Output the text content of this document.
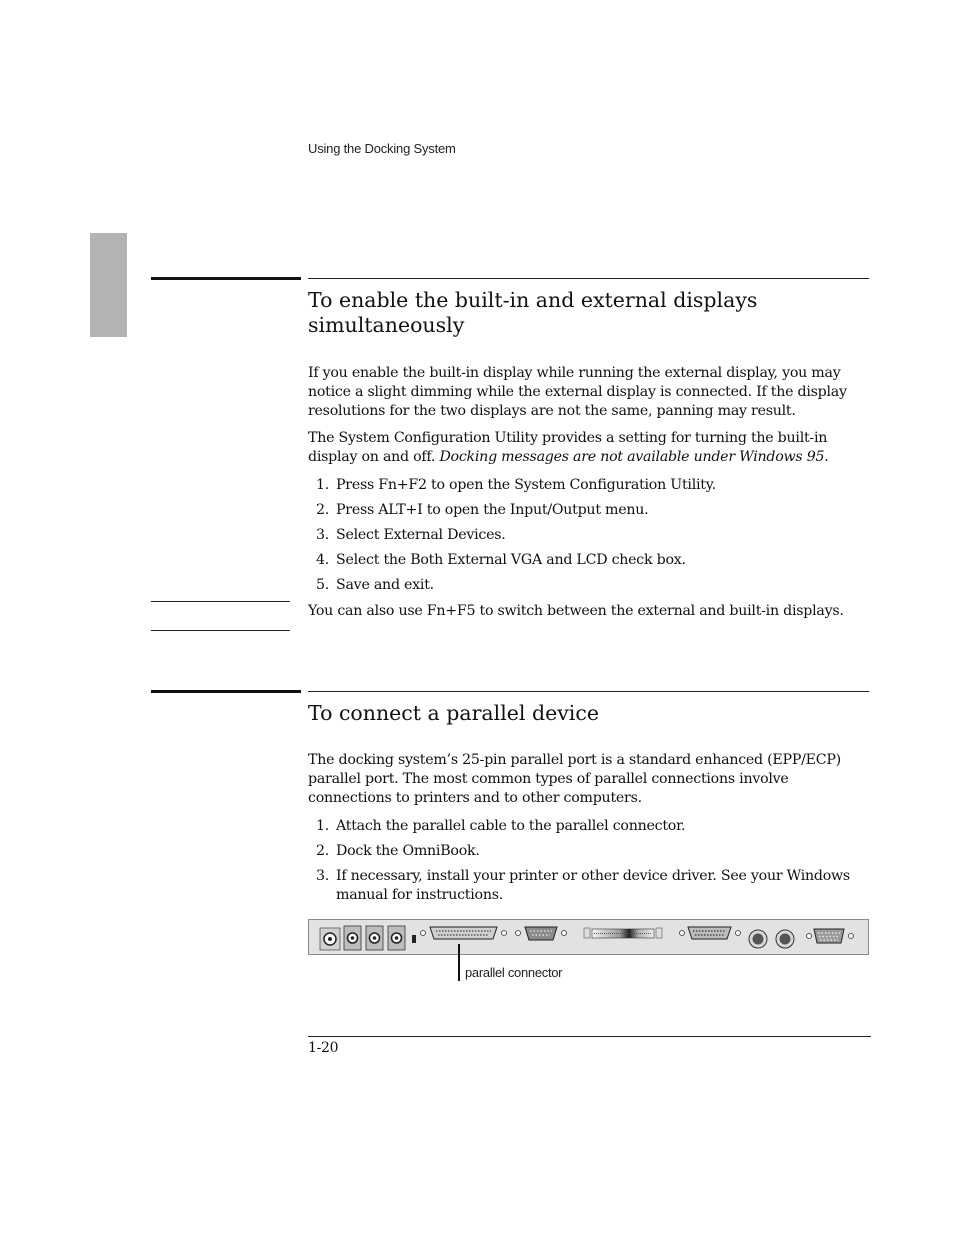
Using the Docking System
To enable the built-in and external displays
simultaneously

If you enable the built-in display while running the external display, you may notice a slight dimming while the external display is connected. If the display resolutions for the two displays are not the same, panning may result.

The System Configuration Utility provides a setting for turning the built-in display on and off. Docking messages are not available under Windows 95.

1. Press Fn+F2 to open the System Configuration Utility.
2. Press ALT+I to open the Input/Output menu.
3. Select External Devices.
4. Select the Both External VGA and LCD check box.
5. Save and exit.

You can also use Fn+F5 to switch between the external and built-in displays.

To connect a parallel device

The docking system’s 25-pin parallel port is a standard enhanced (EPP/ECP) parallel port. The most common types of parallel connections involve connections to printers and to other computers.

1. Attach the parallel cable to the parallel connector.
2. Dock the OmniBook.
3. If necessary, install your printer or other device driver. See your Windows manual for instructions.
parallel connector
1-20
